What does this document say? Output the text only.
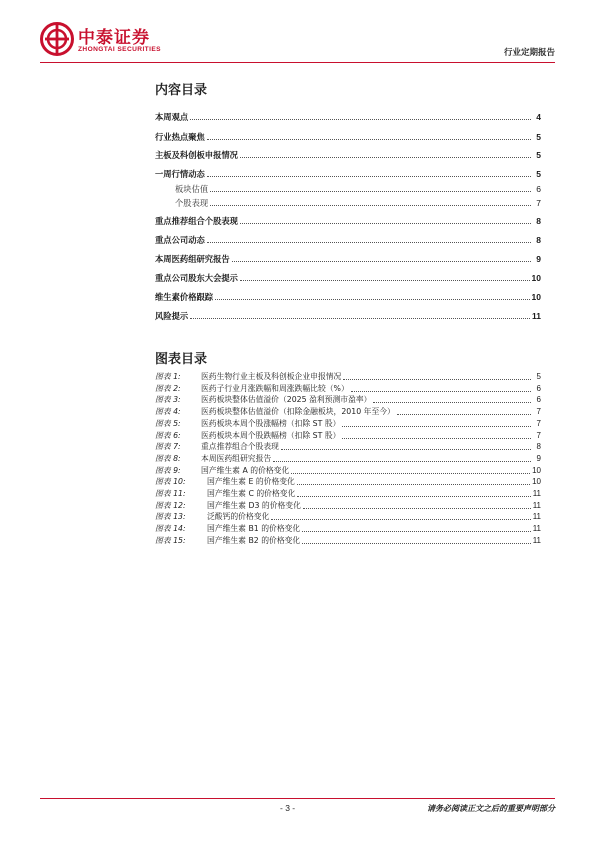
中泰证券
ZHONGTAI SECURITIES	行业定期报告
内容目录
本周观点	4
行业热点聚焦	5
主板及科创板申报情况	5
一周行情动态	5
板块估值	6
个股表现	7
重点推荐组合个股表现	8
重点公司动态	8
本周医药组研究报告	9
重点公司股东大会提示	10
维生素价格跟踪	10
风险提示	11
图表目录
图表 1:	医药生物行业主板及科创板企业申报情况	5
图表 2:	医药子行业月涨跌幅和周涨跌幅比较（%）	6
图表 3:	医药板块整体估值溢价（2025 盈利预测市盈率）	6
图表 4:	医药板块整体估值溢价（扣除金融板块，2010 年至今）	7
图表 5:	医药板块本周个股涨幅榜（扣除 ST 股）	7
图表 6:	医药板块本周个股跌幅榜（扣除 ST 股）	7
图表 7:	重点推荐组合个股表现	8
图表 8:	本周医药组研究报告	9
图表 9:	国产维生素 A 的价格变化	10
图表 10:	国产维生素 E 的价格变化	10
图表 11:	国产维生素 C 的价格变化	11
图表 12:	国产维生素 D3 的价格变化	11
图表 13:	泛酸钙的价格变化	11
图表 14:	国产维生素 B1 的价格变化	11
图表 15:	国产维生素 B2 的价格变化	11
- 3 -	请务必阅读正文之后的重要声明部分
